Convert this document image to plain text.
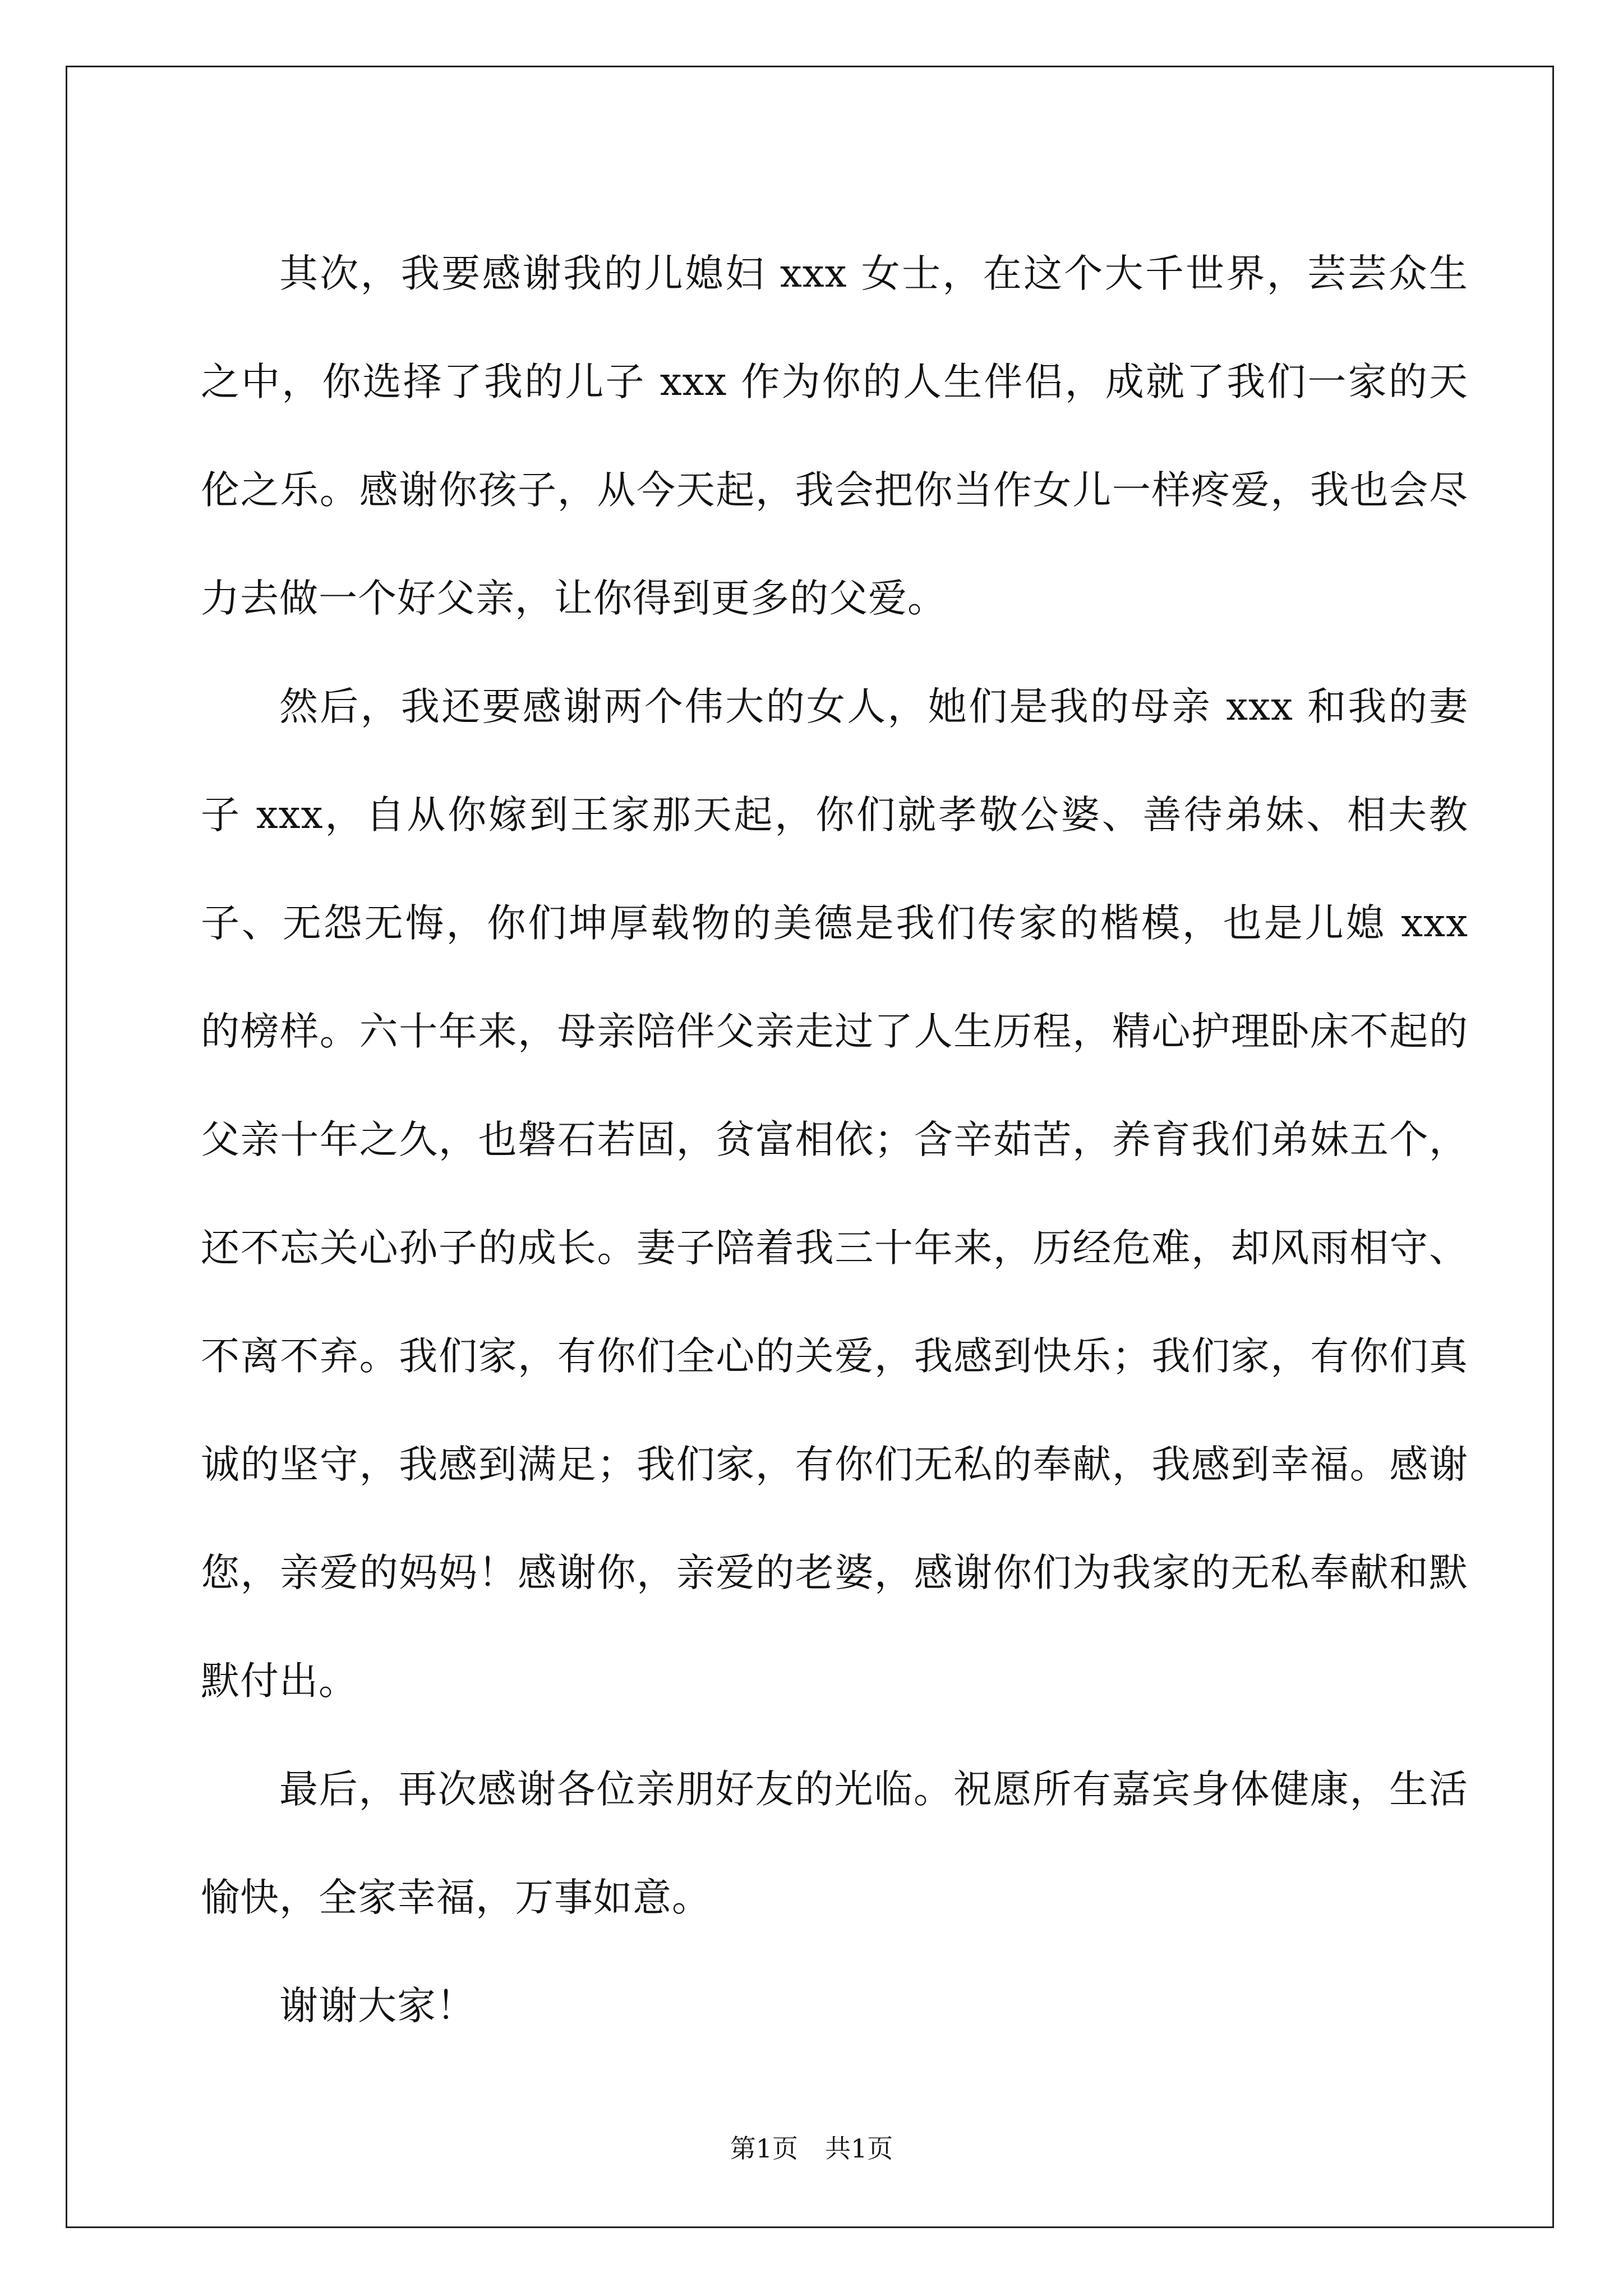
其次，我要感谢我的儿媳妇 xxx 女士，在这个大千世界，芸芸众生之中，你选择了我的儿子 xxx 作为你的人生伴侣，成就了我们一家的天伦之乐。感谢你孩子，从今天起，我会把你当作女儿一样疼爱，我也会尽力去做一个好父亲，让你得到更多的父爱。

然后，我还要感谢两个伟大的女人，她们是我的母亲 xxx 和我的妻子 xxx，自从你嫁到王家那天起，你们就孝敬公婆、善待弟妹、相夫教子、无怨无悔，你们坤厚载物的美德是我们传家的楷模，也是儿媳 xxx 的榜样。六十年来，母亲陪伴父亲走过了人生历程，精心护理卧床不起的父亲十年之久，也磐石若固，贫富相依；含辛茹苦，养育我们弟妹五个，还不忘关心孙子的成长。妻子陪着我三十年来，历经危难，却风雨相守、不离不弃。我们家，有你们全心的关爱，我感到快乐；我们家，有你们真诚的坚守，我感到满足；我们家，有你们无私的奉献，我感到幸福。感谢您，亲爱的妈妈！感谢你，亲爱的老婆，感谢你们为我家的无私奉献和默默付出。

最后，再次感谢各位亲朋好友的光临。祝愿所有嘉宾身体健康，生活愉快，全家幸福，万事如意。

谢谢大家！

第1页 共1页
